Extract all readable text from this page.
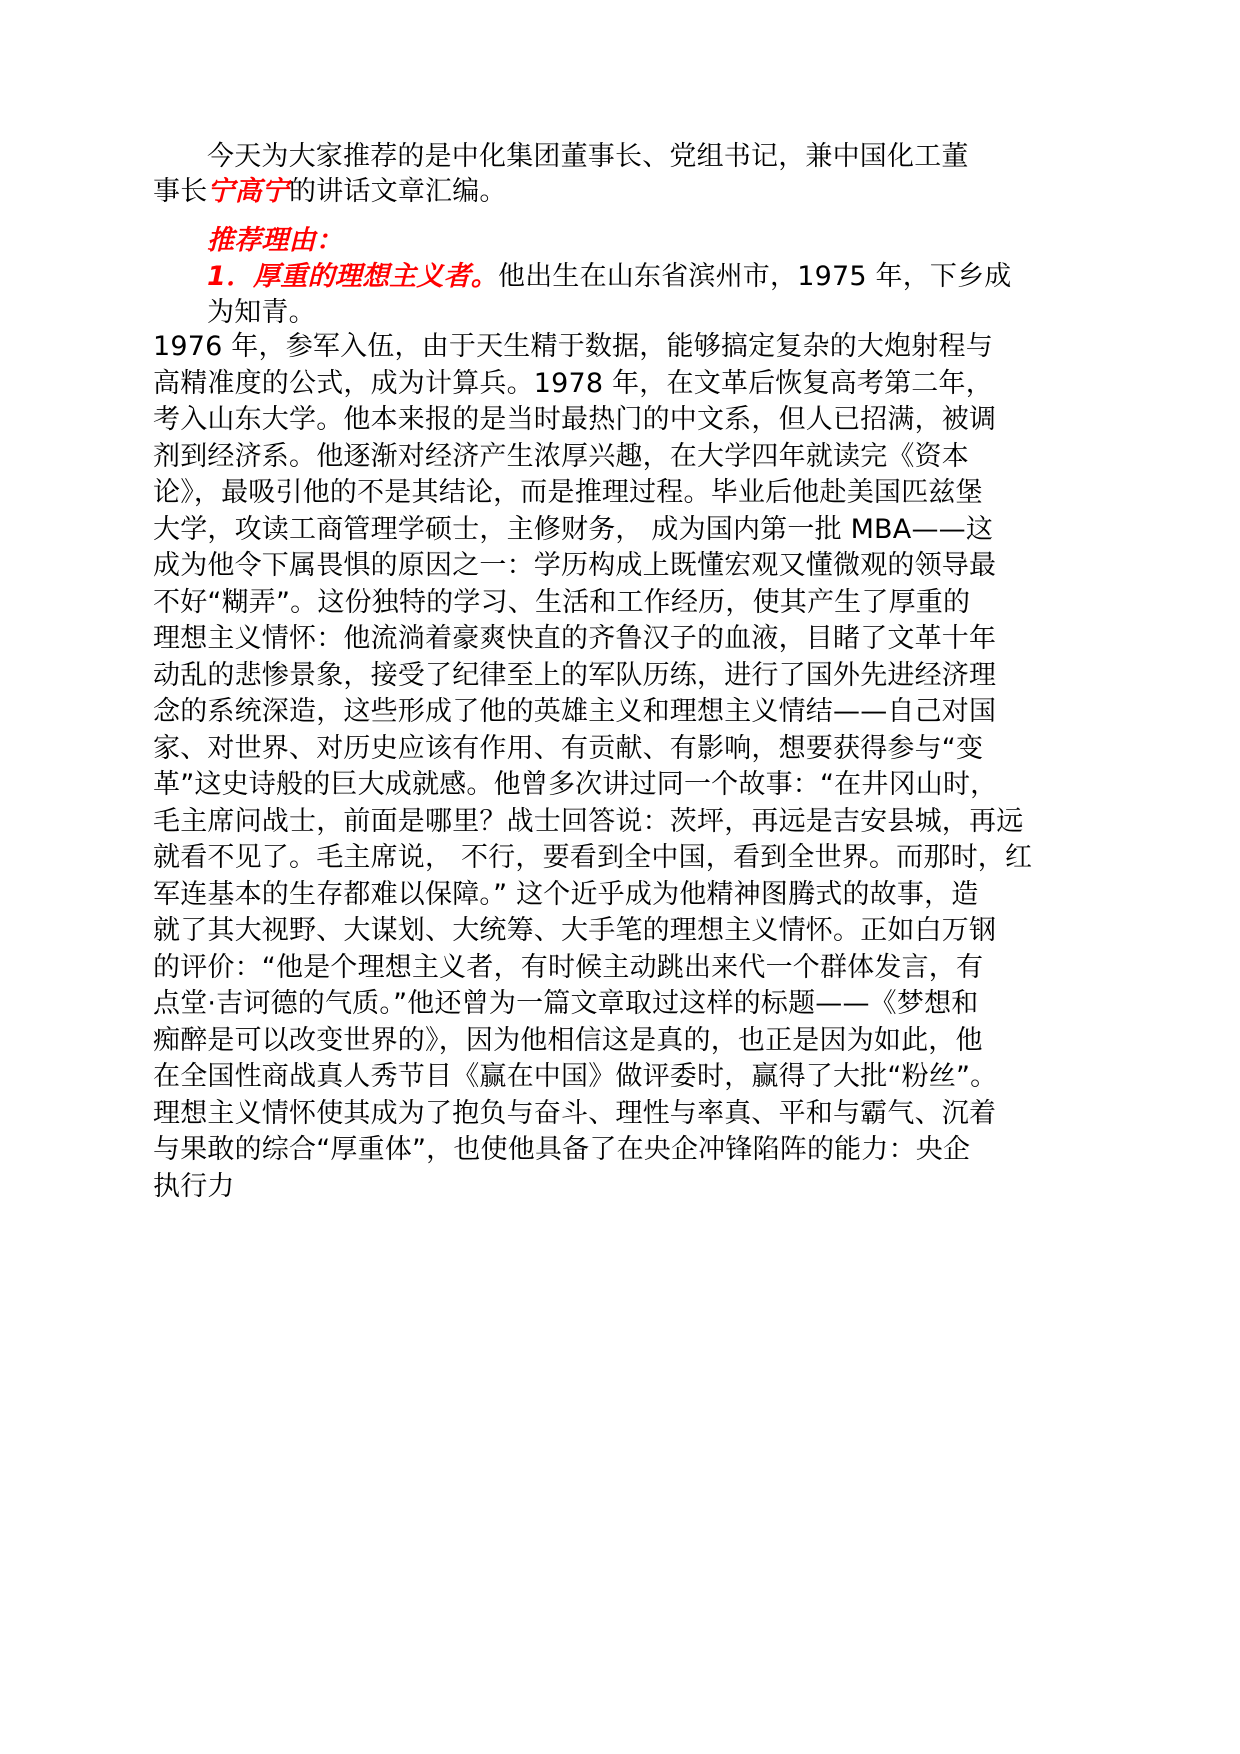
今天为大家推荐的是中化集团董事长、党组书记，兼中国化工董
事长宁高宁的讲话文章汇编。
推荐理由：
1．厚重的理想主义者。他出生在山东省滨州市，1975 年，下乡成
为知青。
1976 年，参军入伍，由于天生精于数据，能够搞定复杂的大炮射程与
高精准度的公式，成为计算兵。1978 年，在文革后恢复高考第二年，
考入山东大学。他本来报的是当时最热门的中文系，但人已招满，被调
剂到经济系。他逐渐对经济产生浓厚兴趣，在大学四年就读完《资本
论》，最吸引他的不是其结论，而是推理过程。毕业后他赴美国匹兹堡
大学，攻读工商管理学硕士，主修财务， 成为国内第一批 MBA——这
成为他令下属畏惧的原因之一：学历构成上既懂宏观又懂微观的领导最
不好“糊弄”。这份独特的学习、生活和工作经历，使其产生了厚重的
理想主义情怀：他流淌着豪爽快直的齐鲁汉子的血液，目睹了文革十年
动乱的悲惨景象，接受了纪律至上的军队历练，进行了国外先进经济理
念的系统深造，这些形成了他的英雄主义和理想主义情结——自己对国
家、对世界、对历史应该有作用、有贡献、有影响，想要获得参与“变
革”这史诗般的巨大成就感。他曾多次讲过同一个故事：“在井冈山时，
毛主席问战士，前面是哪里？战士回答说：茨坪，再远是吉安县城，再远
就看不见了。毛主席说， 不行，要看到全中国，看到全世界。而那时，红
军连基本的生存都难以保障。” 这个近乎成为他精神图腾式的故事，造
就了其大视野、大谋划、大统筹、大手笔的理想主义情怀。正如白万钢
的评价：“他是个理想主义者，有时候主动跳出来代一个群体发言，有
点堂·吉诃德的气质。”他还曾为一篇文章取过这样的标题——《梦想和
痴醉是可以改变世界的》，因为他相信这是真的，也正是因为如此，他
在全国性商战真人秀节目《赢在中国》做评委时，赢得了大批“粉丝”。
理想主义情怀使其成为了抱负与奋斗、理性与率真、平和与霸气、沉着
与果敢的综合“厚重体”，也使他具备了在央企冲锋陷阵的能力：央企
执行力
